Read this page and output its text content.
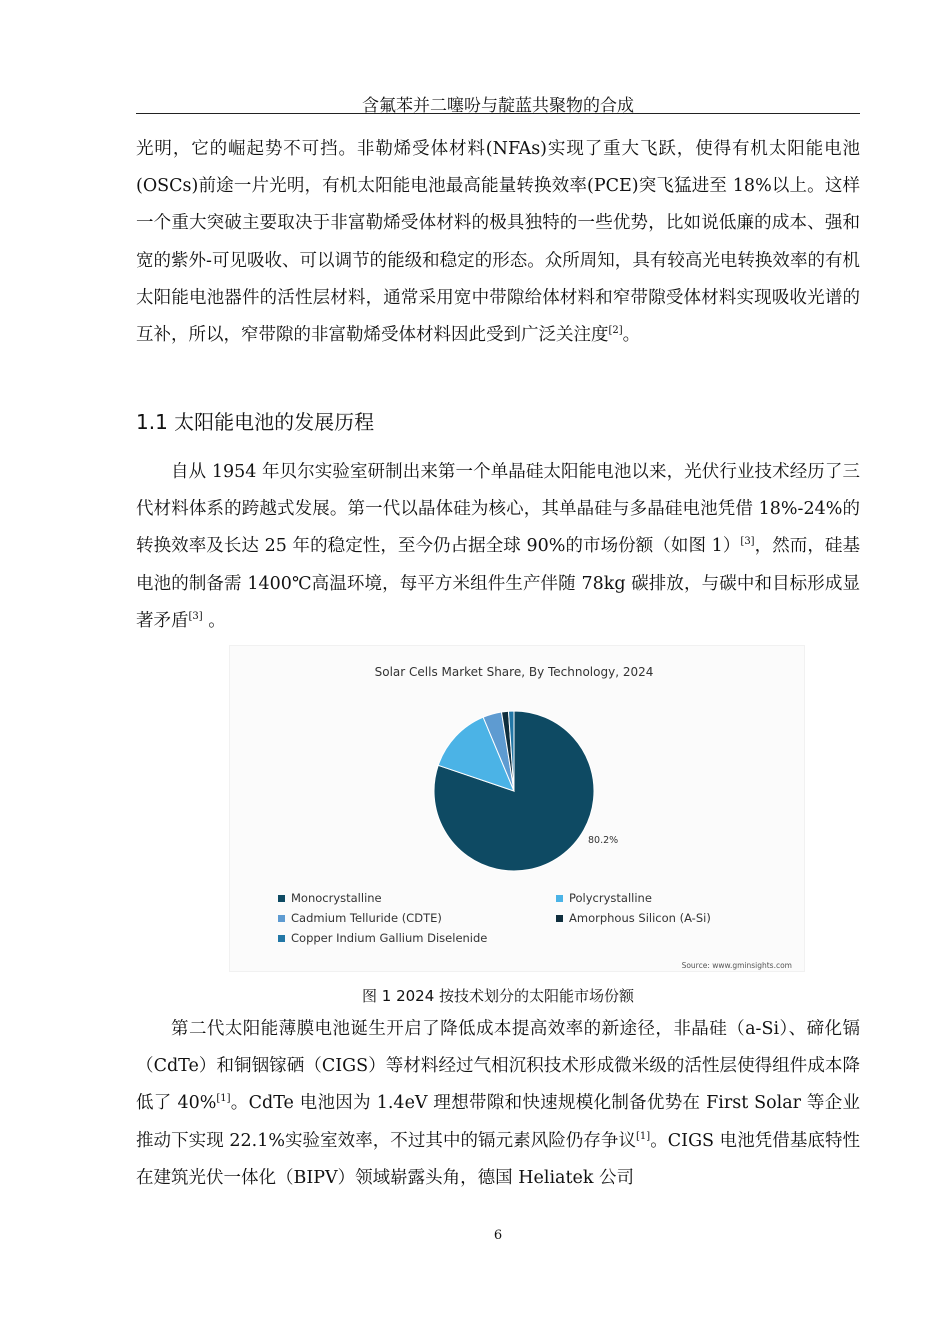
含氟苯并二噻吩与靛蓝共聚物的合成

光明，它的崛起势不可挡。非勒烯受体材料(NFAs)实现了重大飞跃，使得有机太阳能电池(OSCs)前途一片光明，有机太阳能电池最高能量转换效率(PCE)突飞猛进至 18%以上。这样一个重大突破主要取决于非富勒烯受体材料的极具独特的一些优势，比如说低廉的成本、强和宽的紫外-可见吸收、可以调节的能级和稳定的形态。众所周知，具有较高光电转换效率的有机太阳能电池器件的活性层材料，通常采用宽中带隙给体材料和窄带隙受体材料实现吸收光谱的互补，所以，窄带隙的非富勒烯受体材料因此受到广泛关注度[2]。

1.1 太阳能电池的发展历程

自从 1954 年贝尔实验室研制出来第一个单晶硅太阳能电池以来，光伏行业技术经历了三代材料体系的跨越式发展。第一代以晶体硅为核心，其单晶硅与多晶硅电池凭借 18%-24%的转换效率及长达 25 年的稳定性，至今仍占据全球 90%的市场份额（如图 1）[3]，然而，硅基电池的制备需 1400℃高温环境，每平方米组件生产伴随 78kg 碳排放，与碳中和目标形成显著矛盾[3] 。

Solar Cells Market Share, By Technology, 2024
80.2%
Monocrystalline	Polycrystalline
Cadmium Telluride (CDTE)	Amorphous Silicon (A-Si)
Copper Indium Gallium Diselenide
Source: www.gminsights.com
图 1 2024 按技术划分的太阳能市场份额

第二代太阳能薄膜电池诞生开启了降低成本提高效率的新途径，非晶硅（a-Si）、碲化镉（CdTe）和铜铟镓硒（CIGS）等材料经过气相沉积技术形成微米级的活性层使得组件成本降低了 40%[1]。CdTe 电池因为 1.4eV 理想带隙和快速规模化制备优势在 First Solar 等企业推动下实现 22.1%实验室效率，不过其中的镉元素风险仍存争议[1]。CIGS 电池凭借基底特性在建筑光伏一体化（BIPV）领域崭露头角，德国 Heliatek 公司

6
